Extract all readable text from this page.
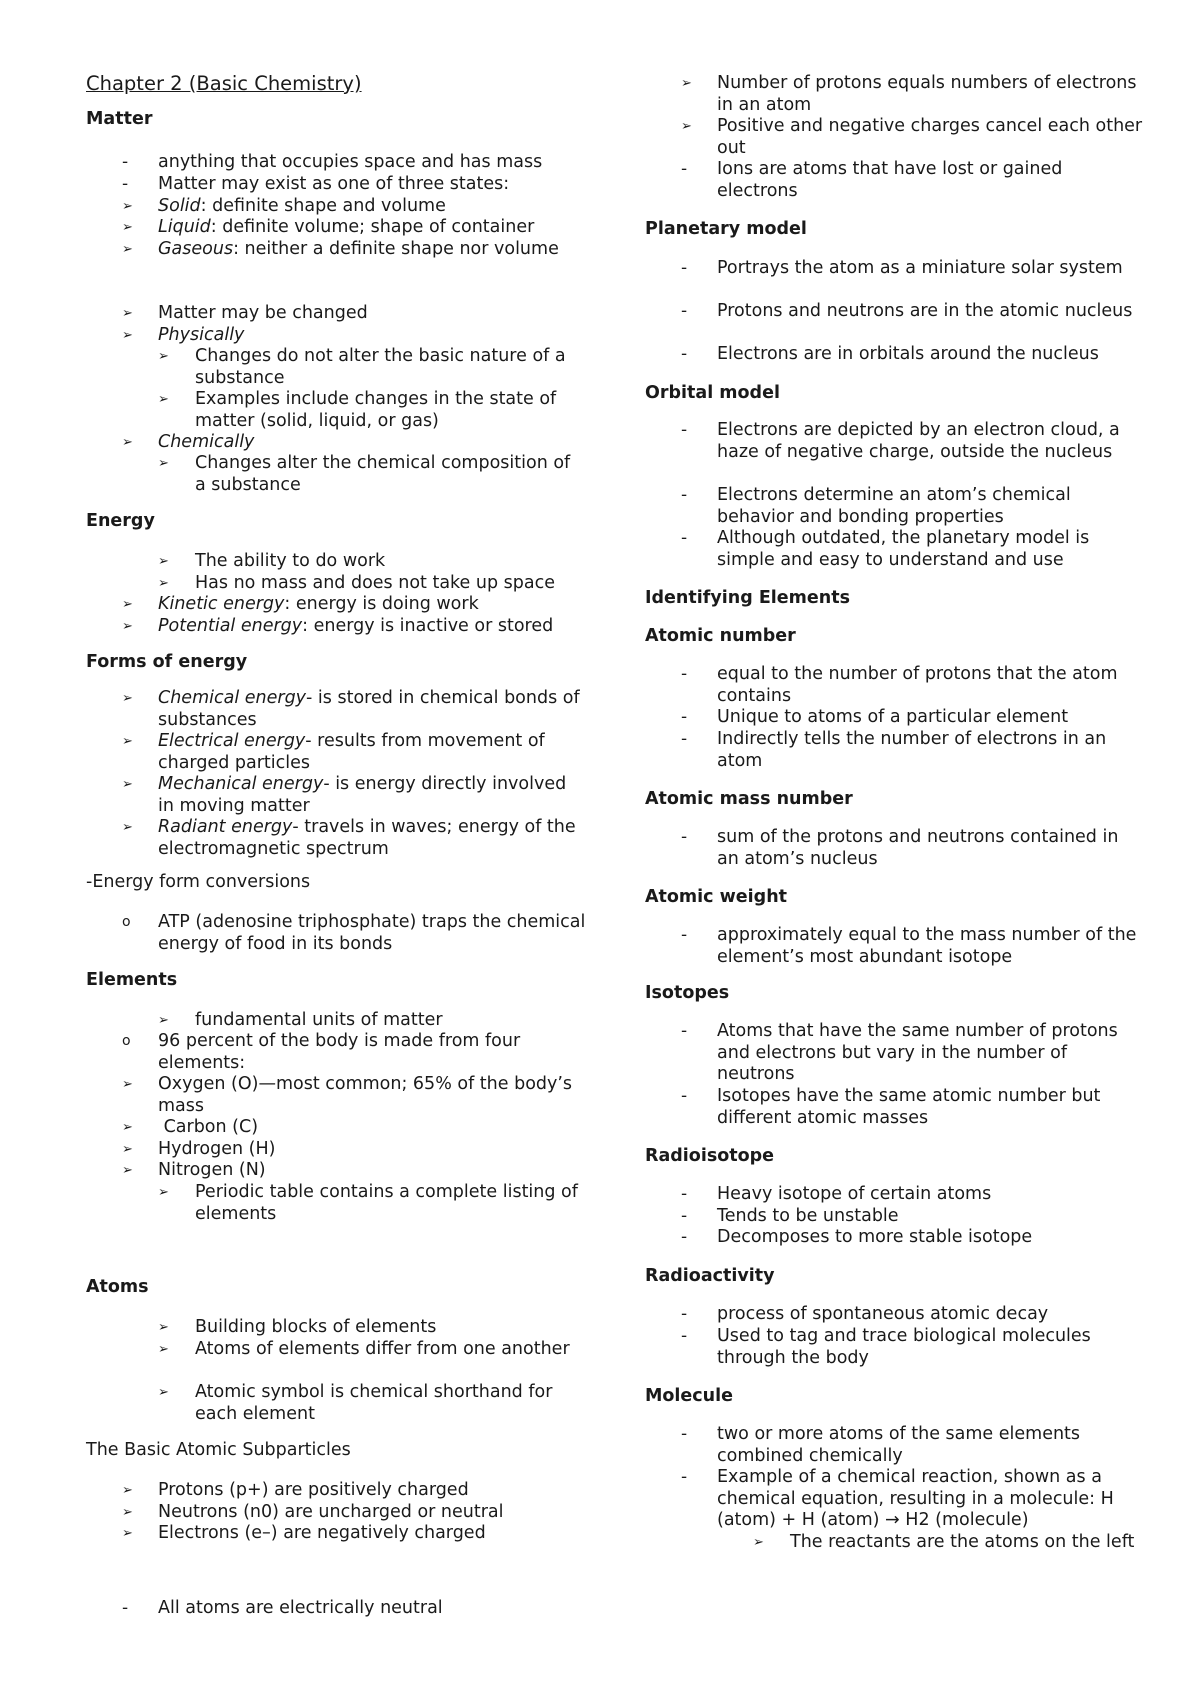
Chapter 2 (Basic Chemistry)
Matter
- anything that occupies space and has mass
- Matter may exist as one of three states:
➢ Solid: definite shape and volume
➢ Liquid: definite volume; shape of container
➢ Gaseous: neither a definite shape nor volume
➢ Matter may be changed
➢ Physically
➢ Changes do not alter the basic nature of a substance
➢ Examples include changes in the state of matter (solid, liquid, or gas)
➢ Chemically
➢ Changes alter the chemical composition of a substance
Energy
➢ The ability to do work
➢ Has no mass and does not take up space
➢ Kinetic energy: energy is doing work
➢ Potential energy: energy is inactive or stored
Forms of energy
➢ Chemical energy- is stored in chemical bonds of substances
➢ Electrical energy- results from movement of charged particles
➢ Mechanical energy- is energy directly involved in moving matter
➢ Radiant energy- travels in waves; energy of the electromagnetic spectrum
-Energy form conversions
o ATP (adenosine triphosphate) traps the chemical energy of food in its bonds
Elements
➢ fundamental units of matter
o 96 percent of the body is made from four elements:
➢ Oxygen (O)—most common; 65% of the body’s mass
➢ Carbon (C)
➢ Hydrogen (H)
➢ Nitrogen (N)
➢ Periodic table contains a complete listing of elements
Atoms
➢ Building blocks of elements
➢ Atoms of elements differ from one another
➢ Atomic symbol is chemical shorthand for each element
The Basic Atomic Subparticles
➢ Protons (p+) are positively charged
➢ Neutrons (n0) are uncharged or neutral
➢ Electrons (e–) are negatively charged
- All atoms are electrically neutral
➢ Number of protons equals numbers of electrons in an atom
➢ Positive and negative charges cancel each other out
- Ions are atoms that have lost or gained electrons
Planetary model
- Portrays the atom as a miniature solar system
- Protons and neutrons are in the atomic nucleus
- Electrons are in orbitals around the nucleus
Orbital model
- Electrons are depicted by an electron cloud, a haze of negative charge, outside the nucleus
- Electrons determine an atom’s chemical behavior and bonding properties
- Although outdated, the planetary model is simple and easy to understand and use
Identifying Elements
Atomic number
- equal to the number of protons that the atom contains
- Unique to atoms of a particular element
- Indirectly tells the number of electrons in an atom
Atomic mass number
- sum of the protons and neutrons contained in an atom’s nucleus
Atomic weight
- approximately equal to the mass number of the element’s most abundant isotope
Isotopes
- Atoms that have the same number of protons and electrons but vary in the number of neutrons
- Isotopes have the same atomic number but different atomic masses
Radioisotope
- Heavy isotope of certain atoms
- Tends to be unstable
- Decomposes to more stable isotope
Radioactivity
- process of spontaneous atomic decay
- Used to tag and trace biological molecules through the body
Molecule
- two or more atoms of the same elements combined chemically
- Example of a chemical reaction, shown as a chemical equation, resulting in a molecule: H (atom) + H (atom) → H2 (molecule)
➢ The reactants are the atoms on the left
